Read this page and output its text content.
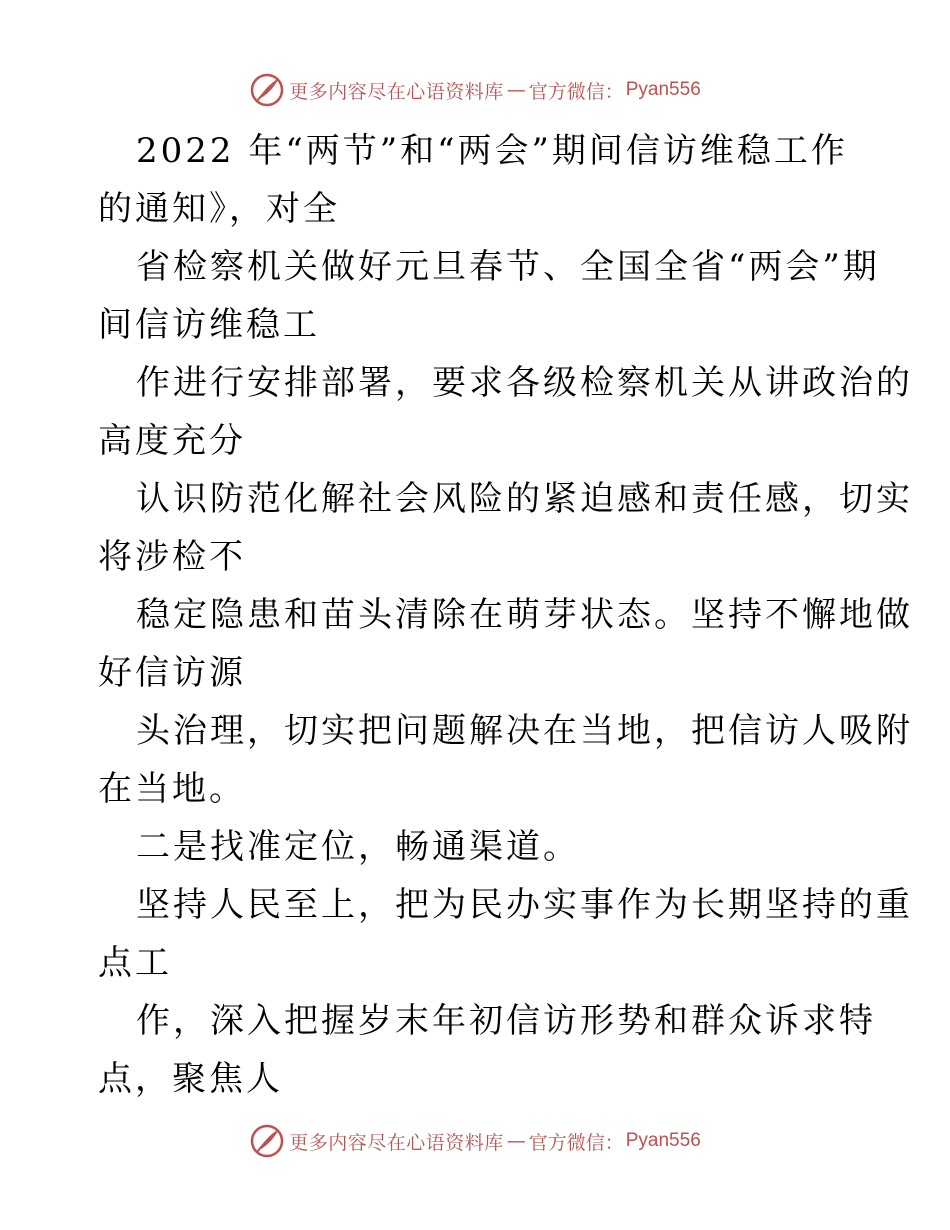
更多内容尽在心语资料库 — 官方微信： Pyan556

2022 年“两节”和“两会”期间信访维稳工作

的通知》，对全

省检察机关做好元旦春节、全国全省“两会”期

间信访维稳工

作进行安排部署，要求各级检察机关从讲政治的

高度充分

认识防范化解社会风险的紧迫感和责任感，切实

将涉检不

稳定隐患和苗头清除在萌芽状态。坚持不懈地做

好信访源

头治理，切实把问题解决在当地，把信访人吸附

在当地。

二是找准定位，畅通渠道。

坚持人民至上，把为民办实事作为长期坚持的重

点工

作，深入把握岁末年初信访形势和群众诉求特

点，聚焦人

更多内容尽在心语资料库 — 官方微信： Pyan556
